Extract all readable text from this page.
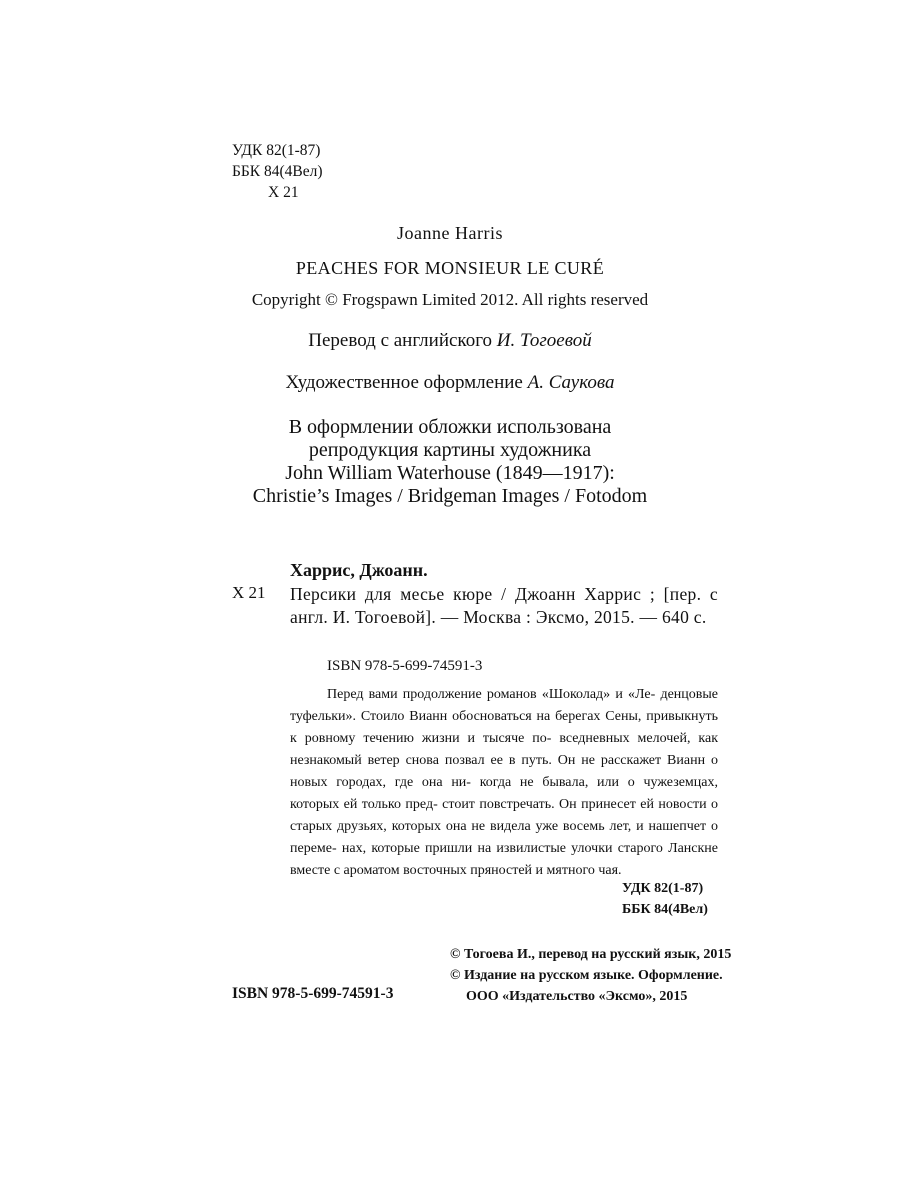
УДК 82(1-87)
ББК 84(4Вел)
Х 21
Joanne Harris
PEACHES FOR MONSIEUR LE CURÉ
Copyright © Frogspawn Limited 2012. All rights reserved
Перевод с английского И. Тогоевой
Художественное оформление А. Саукова
В оформлении обложки использована
репродукция картины художника
John William Waterhouse (1849—1917):
Christie’s Images / Bridgeman Images / Fotodom
Харрис, Джоанн.
Х 21 Персики для месье кюре / Джоанн Харрис ; [пер. с англ. И. Тогоевой]. — Москва : Эксмо, 2015. — 640 с.
ISBN 978-5-699-74591-3

Перед вами продолжение романов «Шоколад» и «Ле- денцовые туфельки». Стоило Вианн обосноваться на берегах Сены, привыкнуть к ровному течению жизни и тысяче по- вседневных мелочей, как незнакомый ветер снова позвал ее в путь. Он не расскажет Вианн о новых городах, где она ни- когда не бывала, или о чужеземцах, которых ей только пред- стоит повстречать. Он принесет ей новости о старых друзьях, которых она не видела уже восемь лет, и нашепчет о переме- нах, которые пришли на извилистые улочки старого Ланскне вместе с ароматом восточных пряностей и мятного чая.

УДК 82(1-87)
ББК 84(4Вел)
© Тогоева И., перевод на русский язык, 2015
© Издание на русском языке. Оформление.
ООО «Издательство «Эксмо», 2015
ISBN 978-5-699-74591-3
